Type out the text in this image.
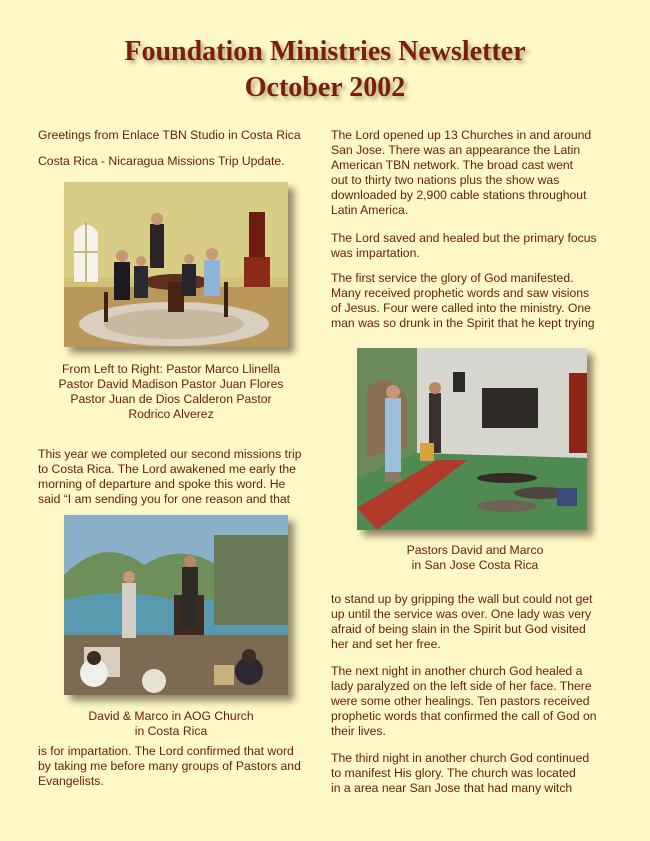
Foundation Ministries Newsletter
October 2002

Greetings from Enlace TBN Studio in Costa Rica

Costa Rica - Nicaragua Missions Trip Update.

From Left to Right: Pastor Marco Llinella
Pastor David Madison Pastor Juan Flores
Pastor Juan de Dios Calderon Pastor
Rodrico Alverez
This year we completed our second missions trip
to Costa Rica. The Lord awakened me early the
morning of departure and spoke this word. He
said “I am sending you for one reason and that
David & Marco in AOG Church
in Costa Rica
is for impartation. The Lord confirmed that word
by taking me before many groups of Pastors and
Evangelists.
The Lord opened up 13 Churches in and around
San Jose. There was an appearance the Latin
American TBN network. The broad cast went
out to thirty two nations plus the show was
downloaded by 2,900 cable stations throughout
Latin America.
The Lord saved and healed but the primary focus
was impartation.
The first service the glory of God manifested.
Many received prophetic words and saw visions
of Jesus. Four were called into the ministry. One
man was so drunk in the Spirit that he kept trying
Pastors David and Marco
in San Jose Costa Rica
to stand up by gripping the wall but could not get
up until the service was over. One lady was very
afraid of being slain in the Spirit but God visited
her and set her free.
The next night in another church God healed a
lady paralyzed on the left side of her face. There
were some other healings. Ten pastors received
prophetic words that confirmed the call of God on
their lives.
The third night in another church God continued
to manifest His glory. The church was located
in a area near San Jose that had many witch
